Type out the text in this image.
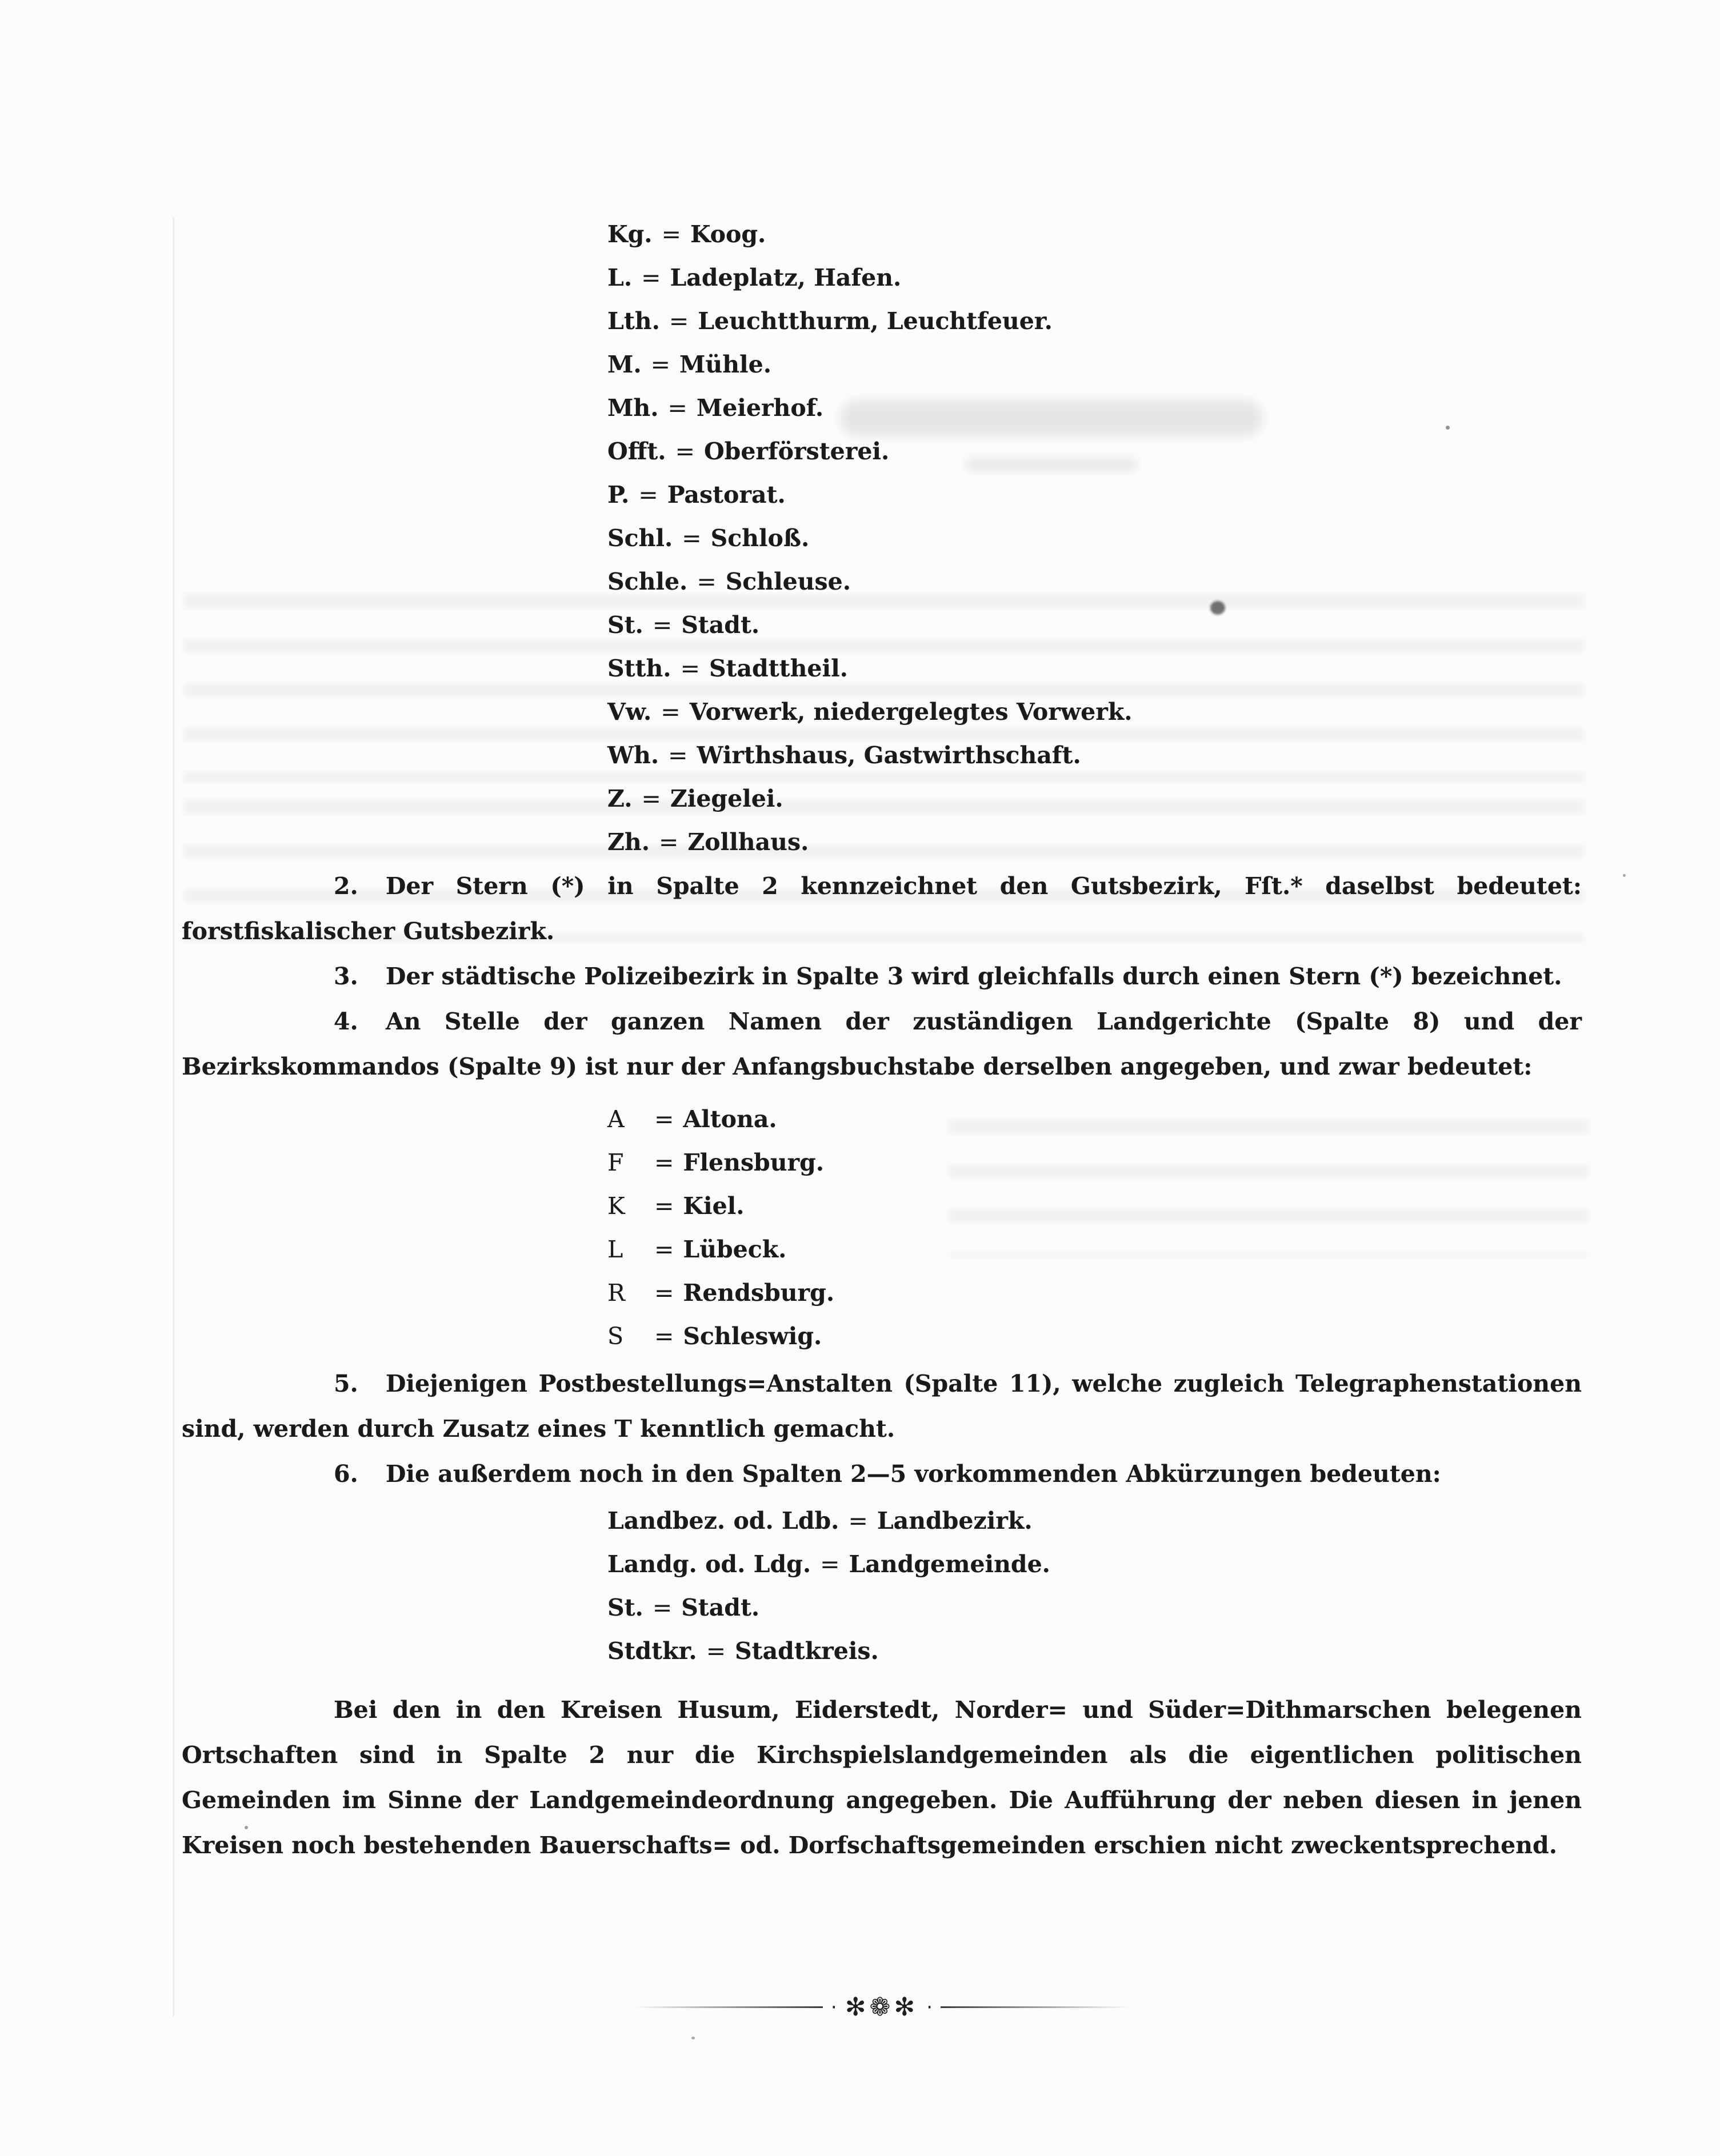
Kg. = Koog.
L. = Ladeplatz, Hafen.
Lth. = Leuchtthurm, Leuchtfeuer.
M. = Mühle.
Mh. = Meierhof.
Offt. = Oberförsterei.
P. = Pastorat.
Schl. = Schloß.
Schle. = Schleuse.
St. = Stadt.
Stth. = Stadttheil.
Vw. = Vorwerk, niedergelegtes Vorwerk.
Wh. = Wirthshaus, Gastwirthschaft.
Z. = Ziegelei.
Zh. = Zollhaus.

2. Der Stern (*) in Spalte 2 kennzeichnet den Gutsbezirk, Fſt.* daselbst bedeutet: forstfiskalischer Gutsbezirk.

3. Der städtische Polizeibezirk in Spalte 3 wird gleichfalls durch einen Stern (*) bezeichnet.

4. An Stelle der ganzen Namen der zuständigen Landgerichte (Spalte 8) und der Bezirkskommandos (Spalte 9) ist nur der Anfangsbuchstabe derselben angegeben, und zwar bedeutet:

A = Altona.
F = Flensburg.
K = Kiel.
L = Lübeck.
R = Rendsburg.
S = Schleswig.

5. Diejenigen Postbestellungs=Anstalten (Spalte 11), welche zugleich Telegraphenstationen sind, werden durch Zusatz eines T kenntlich gemacht.

6. Die außerdem noch in den Spalten 2—5 vorkommenden Abkürzungen bedeuten:

Landbez. od. Ldb. = Landbezirk.
Landg. od. Ldg. = Landgemeinde.
St. = Stadt.
Stdtkr. = Stadtkreis.

Bei den in den Kreisen Husum, Eiderstedt, Norder= und Süder=Dithmarschen belegenen Ortschaften sind in Spalte 2 nur die Kirchspielslandgemeinden als die eigentlichen politischen Gemeinden im Sinne der Landgemeindeordnung angegeben. Die Aufführung der neben diesen in jenen Kreisen noch bestehenden Bauerschafts= od. Dorfschaftsgemeinden erschien nicht zweckentsprechend.

· ✻❁✻ ·
